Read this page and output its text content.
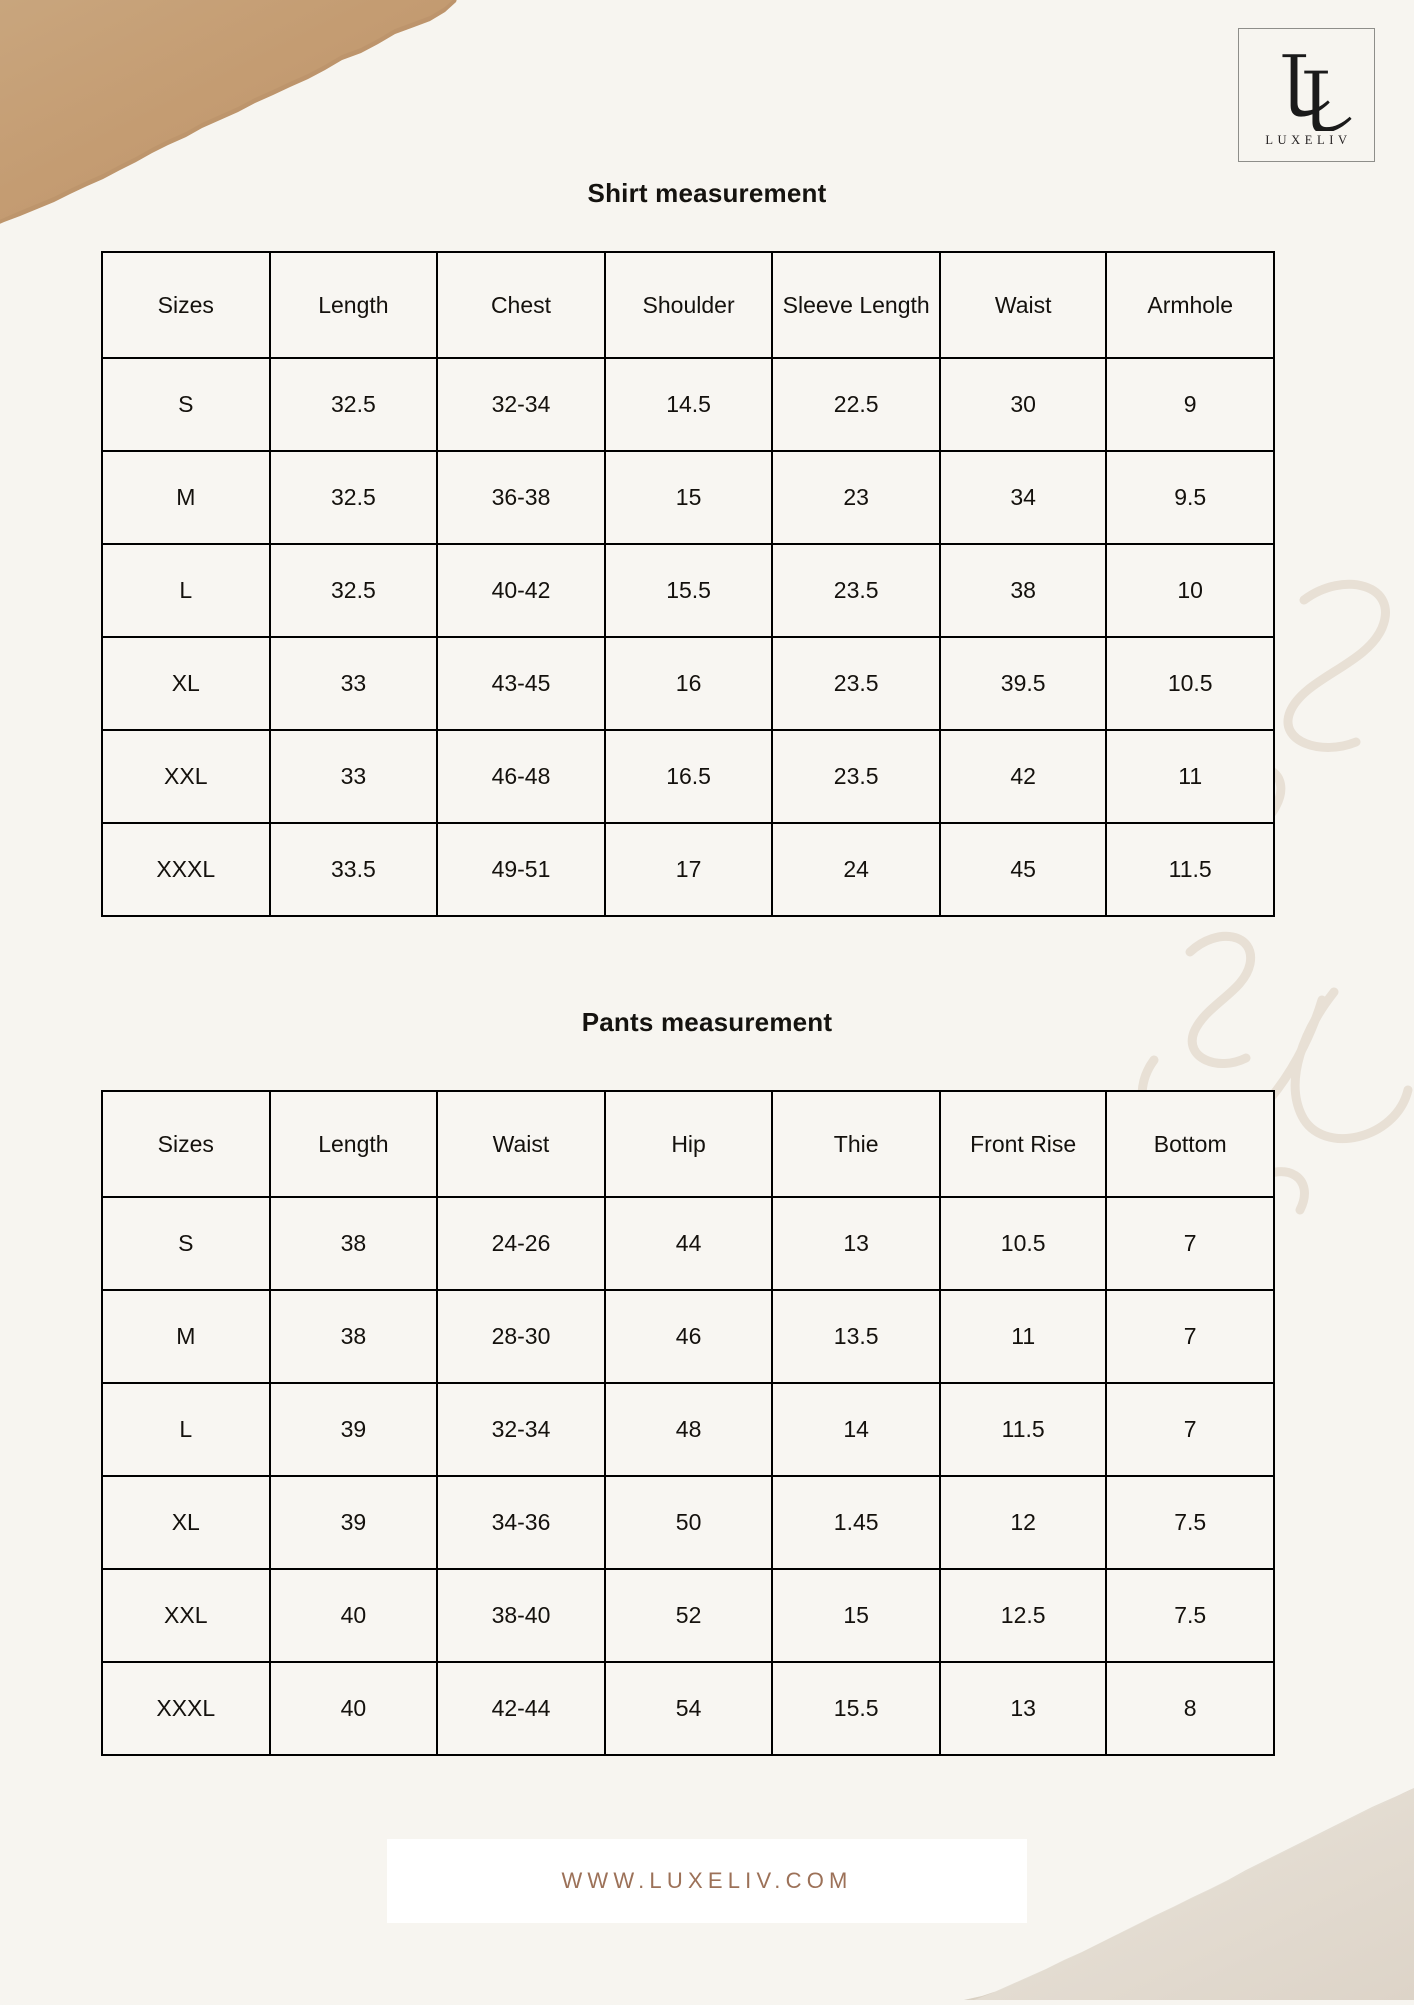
LUXELIV
Shirt measurement
Sizes	Length	Chest	Shoulder	Sleeve Length	Waist	Armhole
S	32.5	32-34	14.5	22.5	30	9
M	32.5	36-38	15	23	34	9.5
L	32.5	40-42	15.5	23.5	38	10
XL	33	43-45	16	23.5	39.5	10.5
XXL	33	46-48	16.5	23.5	42	11
XXXL	33.5	49-51	17	24	45	11.5
Pants measurement
Sizes	Length	Waist	Hip	Thie	Front Rise	Bottom
S	38	24-26	44	13	10.5	7
M	38	28-30	46	13.5	11	7
L	39	32-34	48	14	11.5	7
XL	39	34-36	50	1.45	12	7.5
XXL	40	38-40	52	15	12.5	7.5
XXXL	40	42-44	54	15.5	13	8
WWW.LUXELIV.COM
